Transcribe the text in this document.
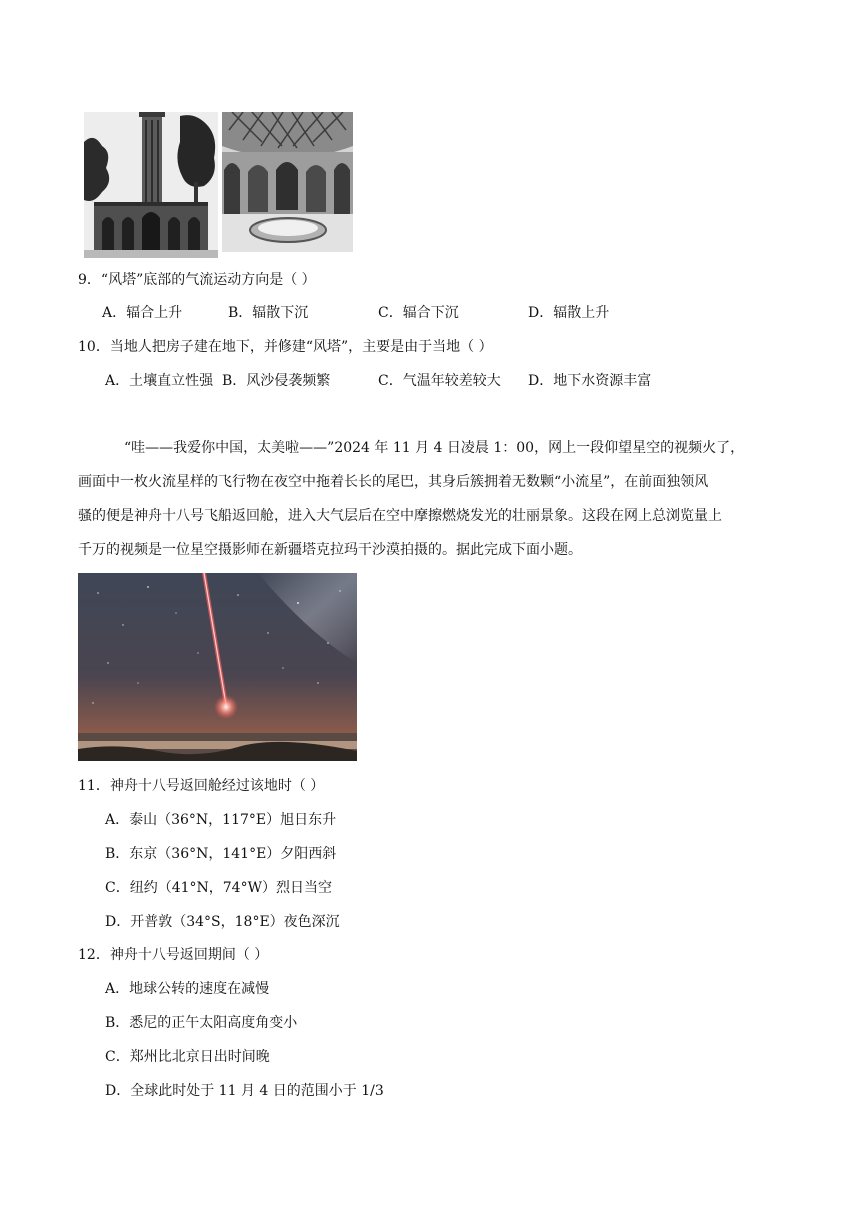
9．“风塔”底部的气流运动方向是（ ）
A．辐合上升	B．辐散下沉	C．辐合下沉	D．辐散上升
10．当地人把房子建在地下，并修建“风塔”，主要是由于当地（ ）
A．土壤直立性强 B．风沙侵袭频繁	C．气温年较差较大 D．地下水资源丰富
“哇——我爱你中国，太美啦——”2024 年 11 月 4 日凌晨 1：00，网上一段仰望星空的视频火了，
画面中一枚火流星样的飞行物在夜空中拖着长长的尾巴，其身后簇拥着无数颗“小流星”，在前面独领风
骚的便是神舟十八号飞船返回舱，进入大气层后在空中摩擦燃烧发光的壮丽景象。这段在网上总浏览量上
千万的视频是一位星空摄影师在新疆塔克拉玛干沙漠拍摄的。据此完成下面小题。
11．神舟十八号返回舱经过该地时（ ）
A．泰山（36°N，117°E）旭日东升
B．东京（36°N，141°E）夕阳西斜
C．纽约（41°N，74°W）烈日当空
D．开普敦（34°S，18°E）夜色深沉
12．神舟十八号返回期间（ ）
A．地球公转的速度在减慢
B．悉尼的正午太阳高度角变小
C．郑州比北京日出时间晚
D．全球此时处于 11 月 4 日的范围小于 1/3
